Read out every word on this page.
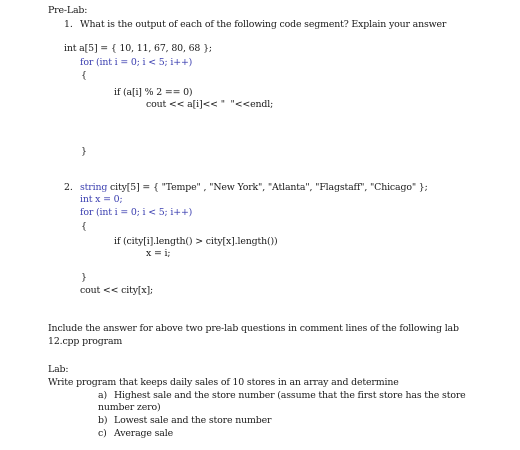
Pre-Lab:
1. What is the output of each of the following code segment? Explain your answer
int a[5] = { 10, 11, 67, 80, 68 };
for (int i = 0; i < 5; i++)
{
if (a[i] % 2 == 0)
cout << a[i]<< "  "<<endl;
}
2. string city[5] = { "Tempe" , "New York", "Atlanta", "Flagstaff", "Chicago" };
int x = 0;
for (int i = 0; i < 5; i++)
{
if (city[i].length() > city[x].length())
x = i;
}
cout << city[x];
Include the answer for above two pre-lab questions in comment lines of the following lab
12.cpp program
Lab:
Write program that keeps daily sales of 10 stores in an array and determine
a) Highest sale and the store number (assume that the first store has the store
number zero)
b) Lowest sale and the store number
c) Average sale
